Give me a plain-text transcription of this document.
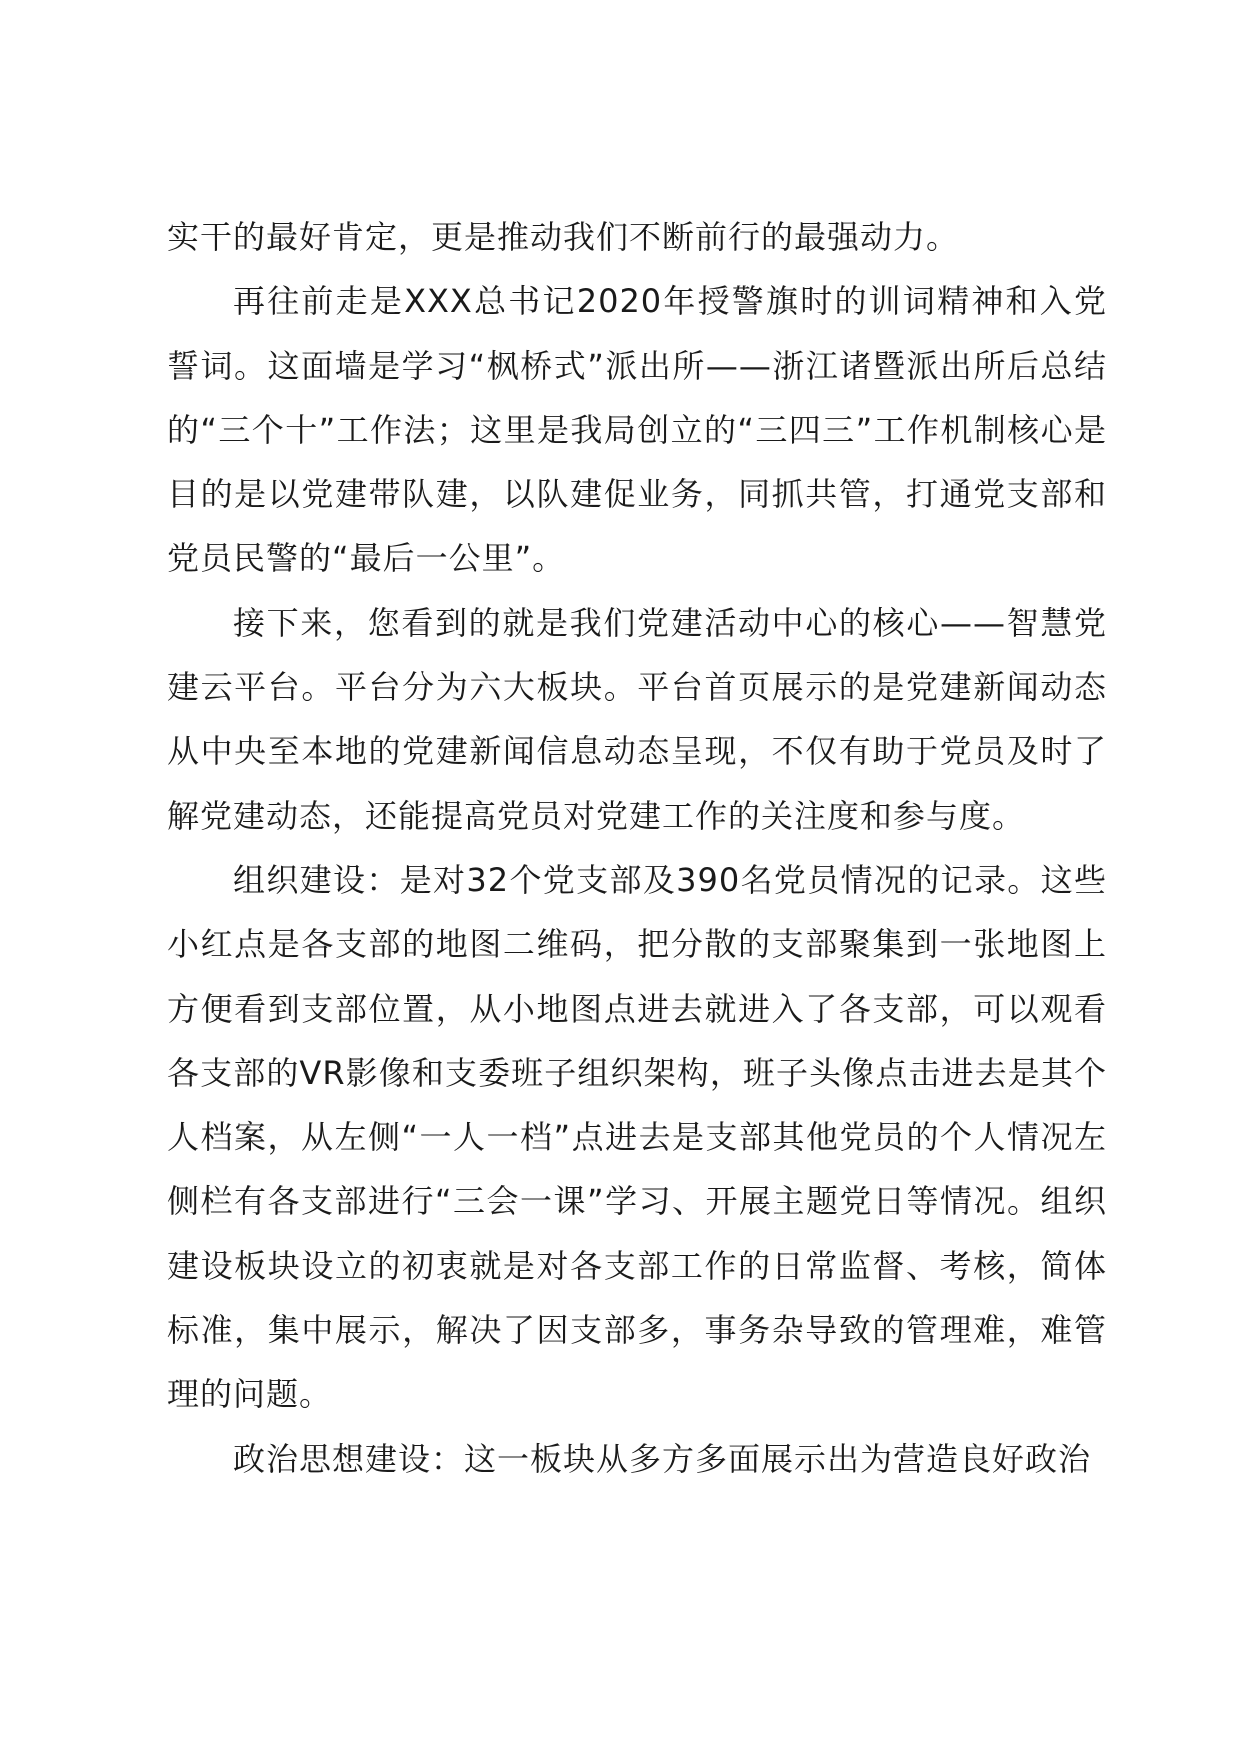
实干的最好肯定，更是推动我们不断前行的最强动力。

再往前走是XXX总书记2020年授警旗时的训词精神和入党誓词。这面墙是学习“枫桥式”派出所——浙江诸暨派出所后总结的“三个十”工作法；这里是我局创立的“三四三”工作机制核心是目的是以党建带队建，以队建促业务，同抓共管，打通党支部和党员民警的“最后一公里”。

接下来，您看到的就是我们党建活动中心的核心——智慧党建云平台。平台分为六大板块。平台首页展示的是党建新闻动态从中央至本地的党建新闻信息动态呈现，不仅有助于党员及时了解党建动态，还能提高党员对党建工作的关注度和参与度。

组织建设：是对32个党支部及390名党员情况的记录。这些小红点是各支部的地图二维码，把分散的支部聚集到一张地图上方便看到支部位置，从小地图点进去就进入了各支部，可以观看各支部的VR影像和支委班子组织架构，班子头像点击进去是其个人档案，从左侧“一人一档”点进去是支部其他党员的个人情况左侧栏有各支部进行“三会一课”学习、开展主题党日等情况。组织建设板块设立的初衷就是对各支部工作的日常监督、考核，简体标准，集中展示，解决了因支部多，事务杂导致的管理难，难管理的问题。

政治思想建设：这一板块从多方多面展示出为营造良好政治
